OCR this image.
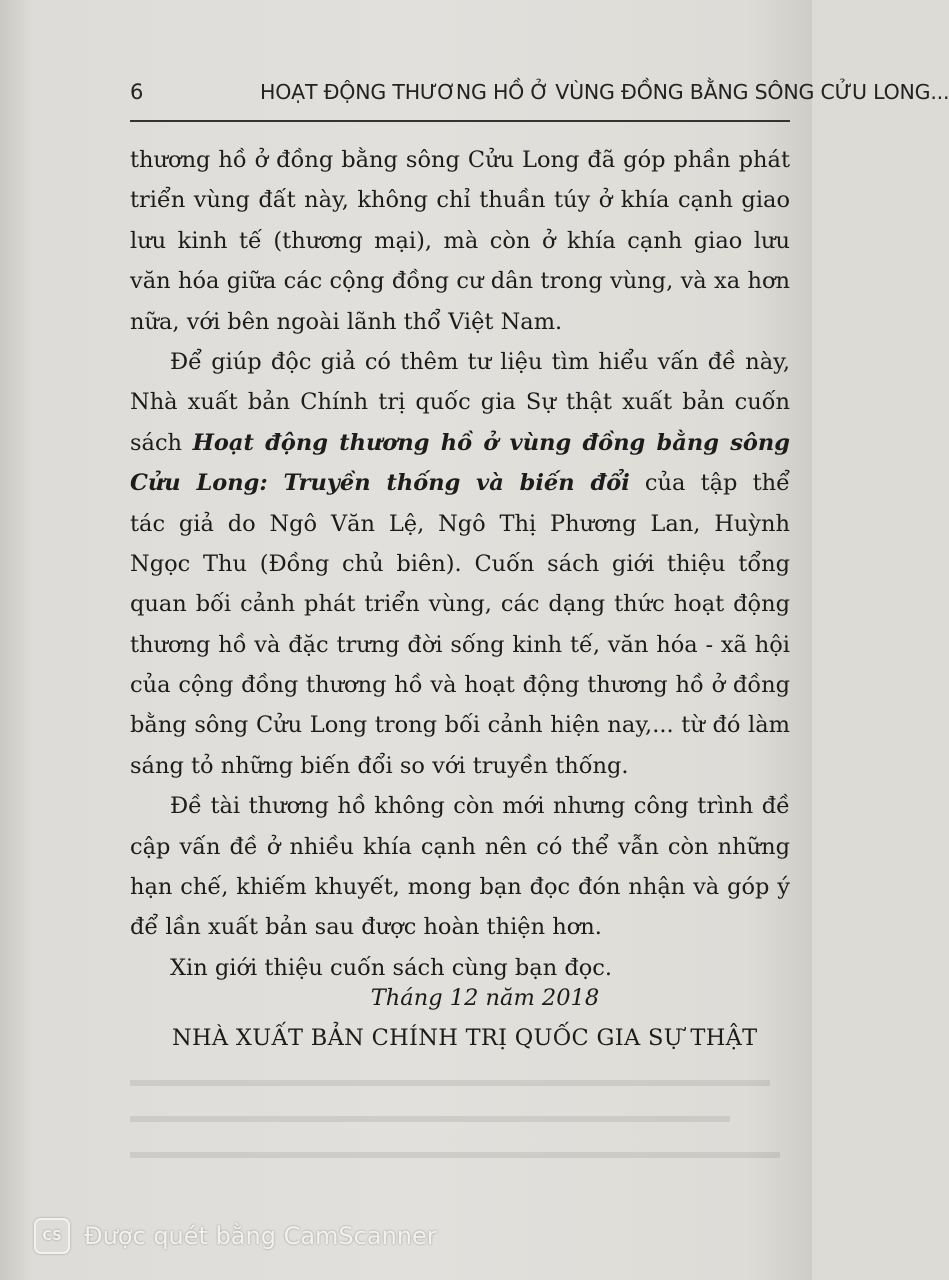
6	HOẠT ĐỘNG THƯƠNG HỒ Ở VÙNG ĐỒNG BẰNG SÔNG CỬU LONG...
thương hồ ở đồng bằng sông Cửu Long đã góp phần phát
triển vùng đất này, không chỉ thuần túy ở khía cạnh giao
lưu kinh tế (thương mại), mà còn ở khía cạnh giao lưu
văn hóa giữa các cộng đồng cư dân trong vùng, và xa hơn
nữa, với bên ngoài lãnh thổ Việt Nam.
Để giúp độc giả có thêm tư liệu tìm hiểu vấn đề này,
Nhà xuất bản Chính trị quốc gia Sự thật xuất bản cuốn
sách Hoạt động thương hồ ở vùng đồng bằng sông
Cửu Long: Truyền thống và biến đổi của tập thể
tác giả do Ngô Văn Lệ, Ngô Thị Phương Lan, Huỳnh
Ngọc Thu (Đồng chủ biên). Cuốn sách giới thiệu tổng
quan bối cảnh phát triển vùng, các dạng thức hoạt động
thương hồ và đặc trưng đời sống kinh tế, văn hóa - xã hội
của cộng đồng thương hồ và hoạt động thương hồ ở đồng
bằng sông Cửu Long trong bối cảnh hiện nay,... từ đó làm
sáng tỏ những biến đổi so với truyền thống.
Đề tài thương hồ không còn mới nhưng công trình đề
cập vấn đề ở nhiều khía cạnh nên có thể vẫn còn những
hạn chế, khiếm khuyết, mong bạn đọc đón nhận và góp ý
để lần xuất bản sau được hoàn thiện hơn.
Xin giới thiệu cuốn sách cùng bạn đọc.
Tháng 12 năm 2018
NHÀ XUẤT BẢN CHÍNH TRỊ QUỐC GIA SỰ THẬT
CS Được quét bằng CamScanner
